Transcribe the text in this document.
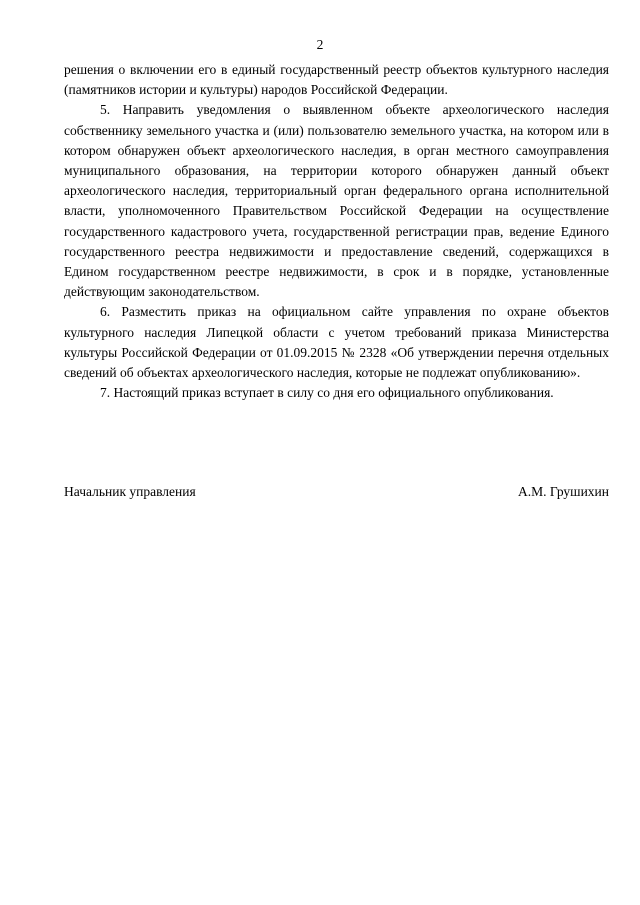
2

решения о включении его в единый государственный реестр объектов культурного наследия (памятников истории и культуры) народов Российской Федерации.

5. Направить уведомления о выявленном объекте археологического наследия собственнику земельного участка и (или) пользователю земельного участка, на котором или в котором обнаружен объект археологического наследия, в орган местного самоуправления муниципального образования, на территории которого обнаружен данный объект археологического наследия, территориальный орган федерального органа исполнительной власти, уполномоченного Правительством Российской Федерации на осуществление государственного кадастрового учета, государственной регистрации прав, ведение Единого государственного реестра недвижимости и предоставление сведений, содержащихся в Едином государственном реестре недвижимости, в срок и в порядке, установленные действующим законодательством.

6. Разместить приказ на официальном сайте управления по охране объектов культурного наследия Липецкой области с учетом требований приказа Министерства культуры Российской Федерации от 01.09.2015 № 2328 «Об утверждении перечня отдельных сведений об объектах археологического наследия, которые не подлежат опубликованию».

7. Настоящий приказ вступает в силу со дня его официального опубликования.

Начальник управления	А.М. Грушихин
